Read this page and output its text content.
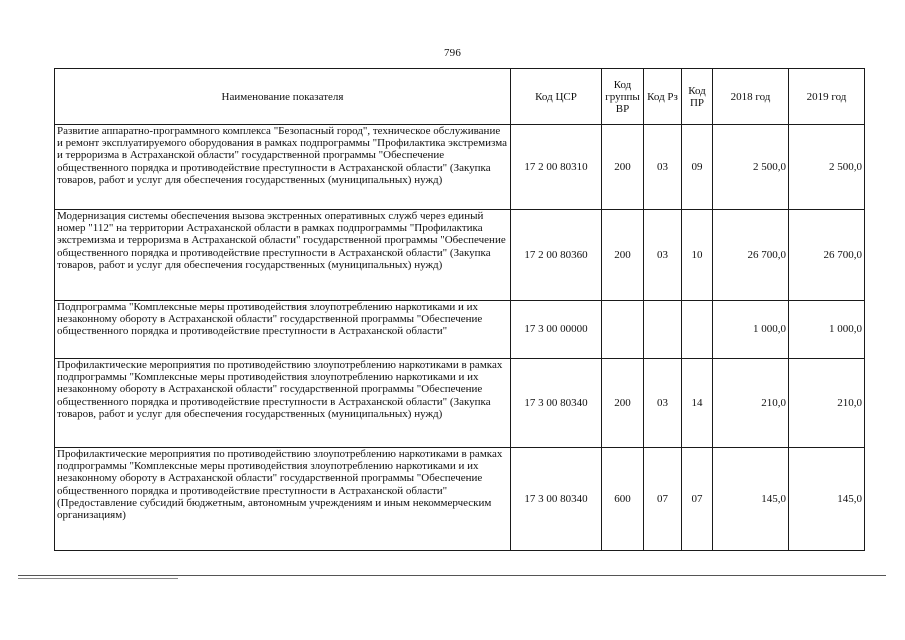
796
Наименование показателя	Код ЦСР	Код группы ВР	Код Рз	Код ПР	2018 год	2019 год
Развитие аппаратно-программного комплекса "Безопасный город", техническое обслуживание и ремонт эксплуатируемого оборудования в рамках подпрограммы "Профилактика экстремизма и терроризма в Астраханской области" государственной программы "Обеспечение общественного порядка и противодействие преступности в Астраханской области" (Закупка товаров, работ и услуг для обеспечения государственных (муниципальных) нужд)	17 2 00 80310	200	03	09	2 500,0	2 500,0
Модернизация системы обеспечения вызова экстренных оперативных служб через единый номер "112" на территории Астраханской области в рамках подпрограммы "Профилактика экстремизма и терроризма в Астраханской области" государственной программы "Обеспечение общественного порядка и противодействие преступности в Астраханской области" (Закупка товаров, работ и услуг для обеспечения государственных (муниципальных) нужд)	17 2 00 80360	200	03	10	26 700,0	26 700,0
Подпрограмма "Комплексные меры противодействия злоупотреблению наркотиками и их незаконному обороту в Астраханской области" государственной программы "Обеспечение общественного порядка и противодействие преступности в Астраханской области"	17 3 00 00000				1 000,0	1 000,0
Профилактические мероприятия по противодействию злоупотреблению наркотиками в рамках подпрограммы "Комплексные меры противодействия злоупотреблению наркотиками и их незаконному обороту в Астраханской области" государственной программы "Обеспечение общественного порядка и противодействие преступности в Астраханской области" (Закупка товаров, работ и услуг для обеспечения государственных (муниципальных) нужд)	17 3 00 80340	200	03	14	210,0	210,0
Профилактические мероприятия по противодействию злоупотреблению наркотиками в рамках подпрограммы "Комплексные меры противодействия злоупотреблению наркотиками и их незаконному обороту в Астраханской области" государственной программы "Обеспечение общественного порядка и противодействие преступности в Астраханской области" (Предоставление субсидий бюджетным, автономным учреждениям и иным некоммерческим организациям)	17 3 00 80340	600	07	07	145,0	145,0
